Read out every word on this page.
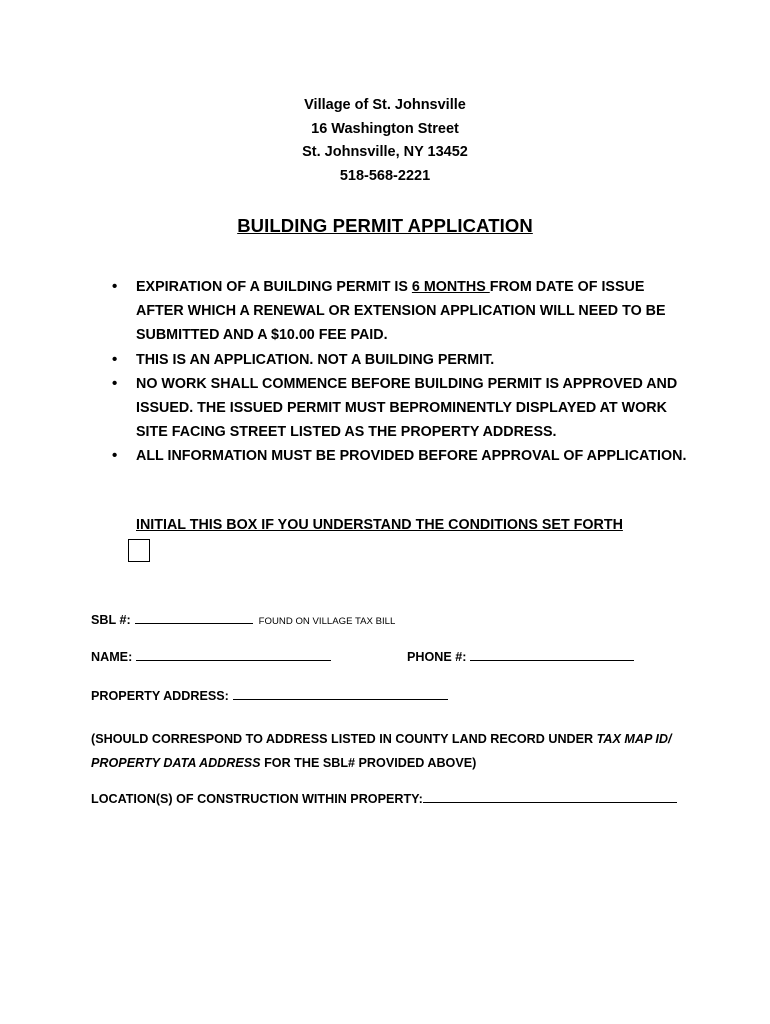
Village of St. Johnsville
16 Washington Street
St. Johnsville, NY 13452
518-568-2221
BUILDING PERMIT APPLICATION
• EXPIRATION OF A BUILDING PERMIT IS 6 MONTHS FROM DATE OF ISSUE AFTER WHICH A RENEWAL OR EXTENSION APPLICATION WILL NEED TO BE SUBMITTED AND A $10.00 FEE PAID.
• THIS IS AN APPLICATION. NOT A BUILDING PERMIT.
• NO WORK SHALL COMMENCE BEFORE BUILDING PERMIT IS APPROVED AND ISSUED. THE ISSUED PERMIT MUST BEPROMINENTLY DISPLAYED AT WORK SITE FACING STREET LISTED AS THE PROPERTY ADDRESS.
• ALL INFORMATION MUST BE PROVIDED BEFORE APPROVAL OF APPLICATION.
INITIAL THIS BOX IF YOU UNDERSTAND THE CONDITIONS SET FORTH
SBL #:	FOUND ON VILLAGE TAX BILL
NAME:	PHONE #:
PROPERTY ADDRESS:
(SHOULD CORRESPOND TO ADDRESS LISTED IN COUNTY LAND RECORD UNDER TAX MAP ID/ PROPERTY DATA ADDRESS FOR THE SBL# PROVIDED ABOVE)
LOCATION(S) OF CONSTRUCTION WITHIN PROPERTY:
